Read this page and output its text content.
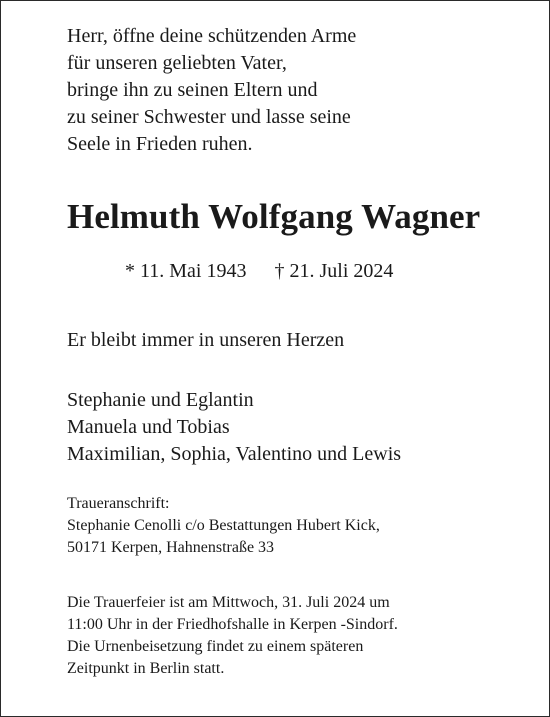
Herr, öffne deine schützenden Arme
für unseren geliebten Vater,
bringe ihn zu seinen Eltern und
zu seiner Schwester und lasse seine
Seele in Frieden ruhen.
Helmuth Wolfgang Wagner
* 11. Mai 1943 † 21. Juli 2024
Er bleibt immer in unseren Herzen
Stephanie und Eglantin
Manuela und Tobias
Maximilian, Sophia, Valentino und Lewis
Traueranschrift:
Stephanie Cenolli c/o Bestattungen Hubert Kick,
50171 Kerpen, Hahnenstraße 33
Die Trauerfeier ist am Mittwoch, 31. Juli 2024 um
11:00 Uhr in der Friedhofshalle in Kerpen -Sindorf.
Die Urnenbeisetzung findet zu einem späteren
Zeitpunkt in Berlin statt.
